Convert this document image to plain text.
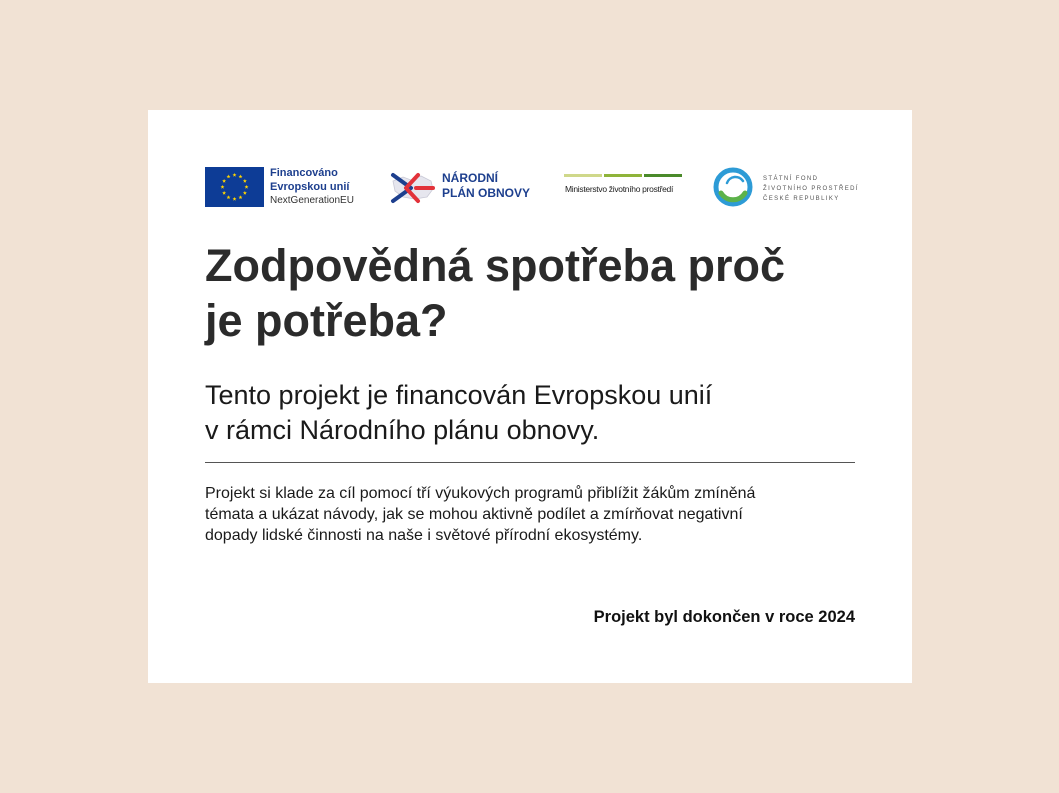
Financováno
Evropskou unií
NextGenerationEU
NÁRODNÍ
PLÁN OBNOVY	Ministerstvo životního prostředí
STÁTNÍ FOND
ŽIVOTNÍHO PROSTŘEDÍ
ČESKÉ REPUBLIKY
Zodpovědná spotřeba proč
je potřeba?

Tento projekt je financován Evropskou unií
v rámci Národního plánu obnovy.

Projekt si klade za cíl pomocí tří výukových programů přiblížit žákům zmíněná
témata a ukázat návody, jak se mohou aktivně podílet a zmírňovat negativní
dopady lidské činnosti na naše i světové přírodní ekosystémy.

Projekt byl dokončen v roce 2024
